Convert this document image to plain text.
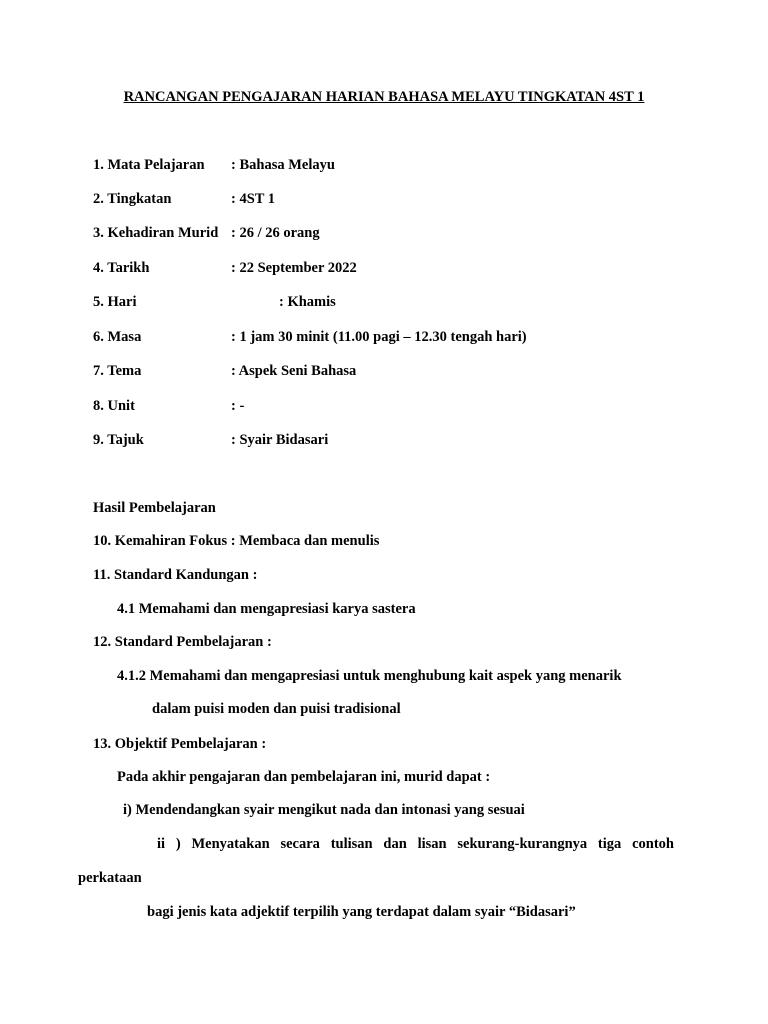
RANCANGAN PENGAJARAN HARIAN BAHASA MELAYU TINGKATAN 4ST 1
1. Mata Pelajaran : Bahasa Melayu
2. Tingkatan	: 4ST 1
3. Kehadiran Murid : 26 / 26 orang
4. Tarikh	: 22 September 2022
5. Hari	: Khamis
6. Masa	: 1 jam 30 minit (11.00 pagi – 12.30 tengah hari)
7. Tema	: Aspek Seni Bahasa
8. Unit	: -
9. Tajuk	: Syair Bidasari
Hasil Pembelajaran
10. Kemahiran Fokus : Membaca dan menulis
11. Standard Kandungan :
4.1 Memahami dan mengapresiasi karya sastera
12. Standard Pembelajaran :
4.1.2 Memahami dan mengapresiasi untuk menghubung kait aspek yang menarik
dalam puisi moden dan puisi tradisional
13. Objektif Pembelajaran :
Pada akhir pengajaran dan pembelajaran ini, murid dapat :
i) Mendendangkan syair mengikut nada dan intonasi yang sesuai
ii ) Menyatakan secara tulisan dan lisan sekurang-kurangnya tiga contoh
perkataan
bagi jenis kata adjektif terpilih yang terdapat dalam syair “Bidasari”
